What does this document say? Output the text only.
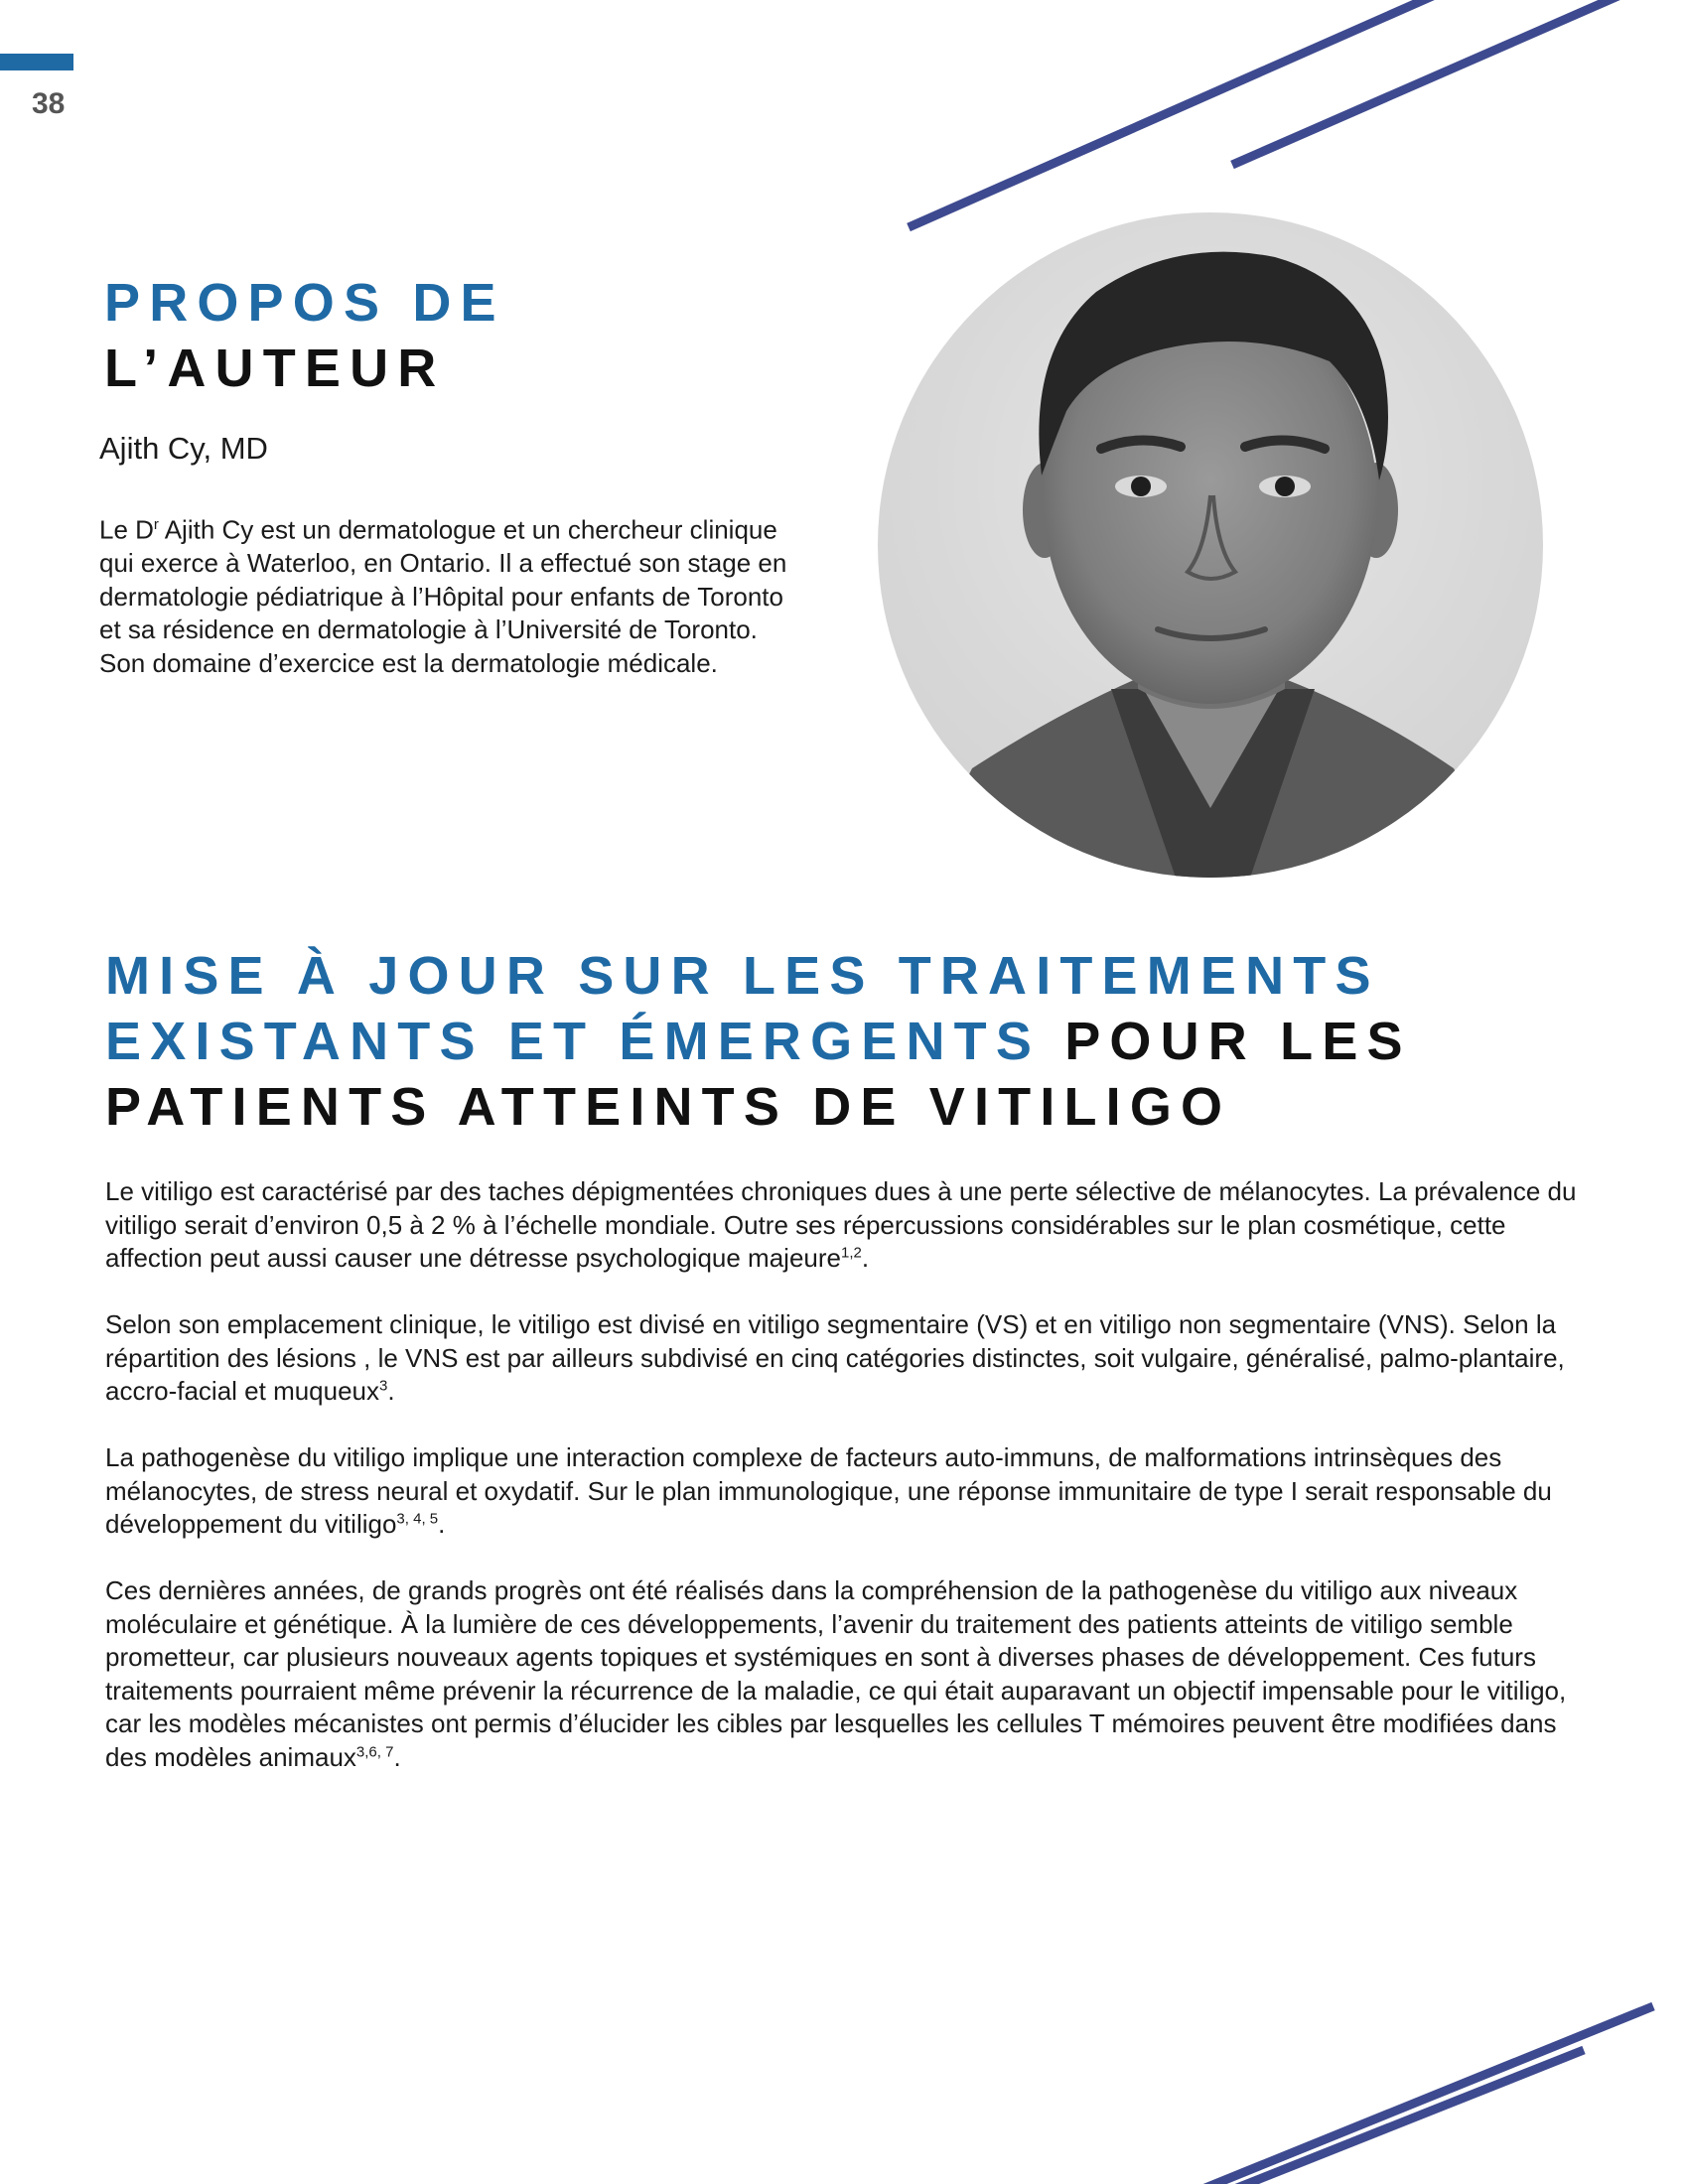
38
PROPOS DE
L’AUTEUR
Ajith Cy, MD
Le $D^r$ Ajith Cy est un dermatologue et un chercheur clinique qui exerce à Waterloo, en Ontario. Il a effectué son stage en dermatologie pédiatrique à l’Hôpital pour enfants de Toronto et sa résidence en dermatologie à l’Université de Toronto. Son domaine d’exercice est la dermatologie médicale.
MISE À JOUR SUR LES TRAITEMENTS
EXISTANTS ET ÉMERGENTS POUR LES
PATIENTS ATTEINTS DE VITILIGO

Le vitiligo est caractérisé par des taches dépigmentées chroniques dues à une perte sélective de mélanocytes. La prévalence du vitiligo serait d’environ 0,5 à 2 % à l’échelle mondiale. Outre ses répercussions considérables sur le plan cosmétique, cette affection peut aussi causer une détresse psychologique majeure$^{1,2}$.

Selon son emplacement clinique, le vitiligo est divisé en vitiligo segmentaire (VS) et en vitiligo non segmentaire (VNS). Selon la répartition des lésions , le VNS est par ailleurs subdivisé en cinq catégories distinctes, soit vulgaire, généralisé, palmo-plantaire, accro-facial et muqueux$^3$.

La pathogenèse du vitiligo implique une interaction complexe de facteurs auto-immuns, de malformations intrinsèques des mélanocytes, de stress neural et oxydatif. Sur le plan immunologique, une réponse immunitaire de type I serait responsable du développement du vitiligo$^{3, 4, 5}$.

Ces dernières années, de grands progrès ont été réalisés dans la compréhension de la pathogenèse du vitiligo aux niveaux moléculaire et génétique. À la lumière de ces développements, l’avenir du traitement des patients atteints de vitiligo semble prometteur, car plusieurs nouveaux agents topiques et systémiques en sont à diverses phases de développement. Ces futurs traitements pourraient même prévenir la récurrence de la maladie, ce qui était auparavant un objectif impensable pour le vitiligo, car les modèles mécanistes ont permis d’élucider les cibles par lesquelles les cellules T mémoires peuvent être modifiées dans des modèles animaux$^{3,6, 7}$.
